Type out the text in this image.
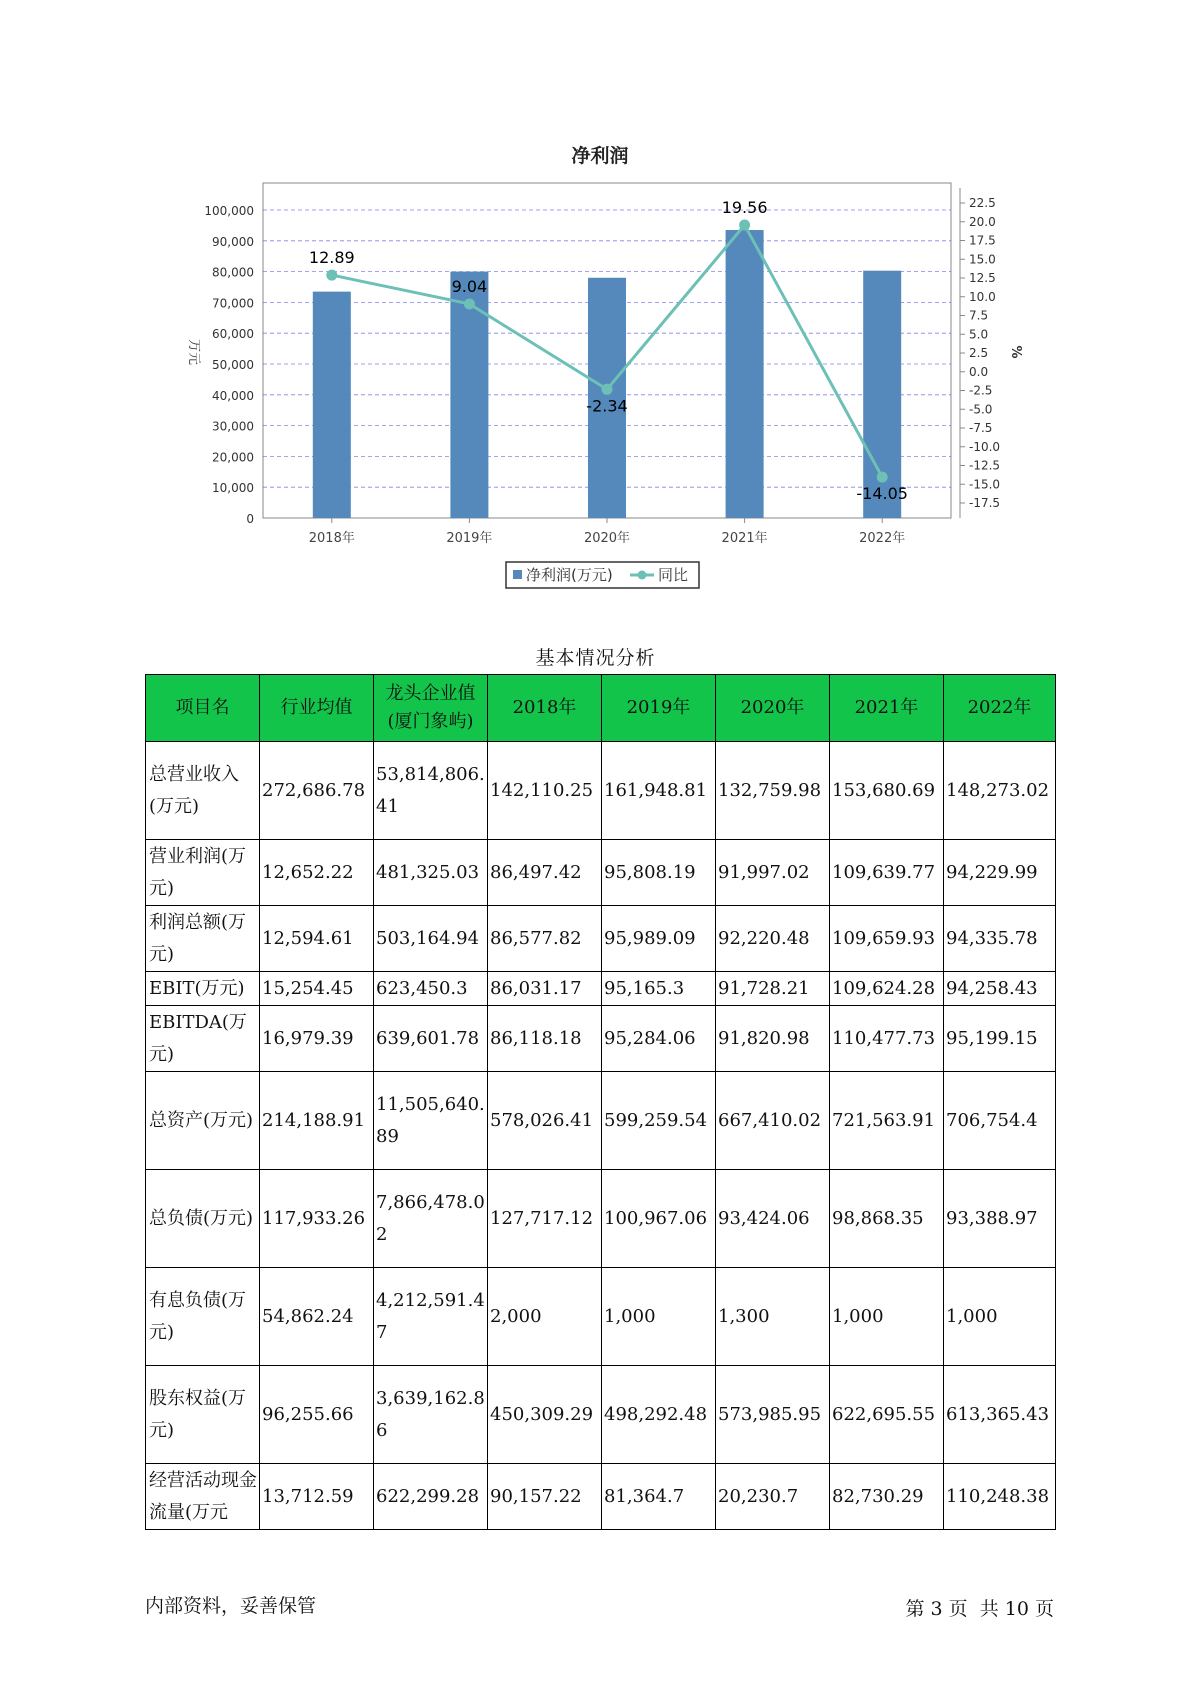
净利润
12.89
9.04
-2.34
19.56
-14.05
0
10,000
20,000
30,000
40,000
50,000
60,000
70,000
80,000
90,000
100,000
22.5
20.0
17.5
15.0
12.5
10.0
7.5
5.0
2.5
0.0
-2.5
-5.0
-7.5
-10.0
-12.5
-15.0
-17.5
2018年	2019年	2020年	2021年	2022年
万元	%
净利润(万元)	同比
基本情况分析
项目名	行业均值	龙头企业值(厦门象屿)	2018年	2019年	2020年	2021年	2022年
总营业收入(万元)	272,686.78	53,814,806.41	142,110.25	161,948.81	132,759.98	153,680.69	148,273.02
营业利润(万元)	12,652.22	481,325.03	86,497.42	95,808.19	91,997.02	109,639.77	94,229.99
利润总额(万元)	12,594.61	503,164.94	86,577.82	95,989.09	92,220.48	109,659.93	94,335.78
EBIT(万元)	15,254.45	623,450.3	86,031.17	95,165.3	91,728.21	109,624.28	94,258.43
EBITDA(万元)	16,979.39	639,601.78	86,118.18	95,284.06	91,820.98	110,477.73	95,199.15
总资产(万元)	214,188.91	11,505,640.89	578,026.41	599,259.54	667,410.02	721,563.91	706,754.4
总负债(万元)	117,933.26	7,866,478.02	127,717.12	100,967.06	93,424.06	98,868.35	93,388.97
有息负债(万元)	54,862.24	4,212,591.47	2,000	1,000	1,300	1,000	1,000
股东权益(万元)	96,255.66	3,639,162.86	450,309.29	498,292.48	573,985.95	622,695.55	613,365.43
经营活动现金流量(万元	13,712.59	622,299.28	90,157.22	81,364.7	20,230.7	82,730.29	110,248.38
内部资料，妥善保管	第 3 页  共 10 页
